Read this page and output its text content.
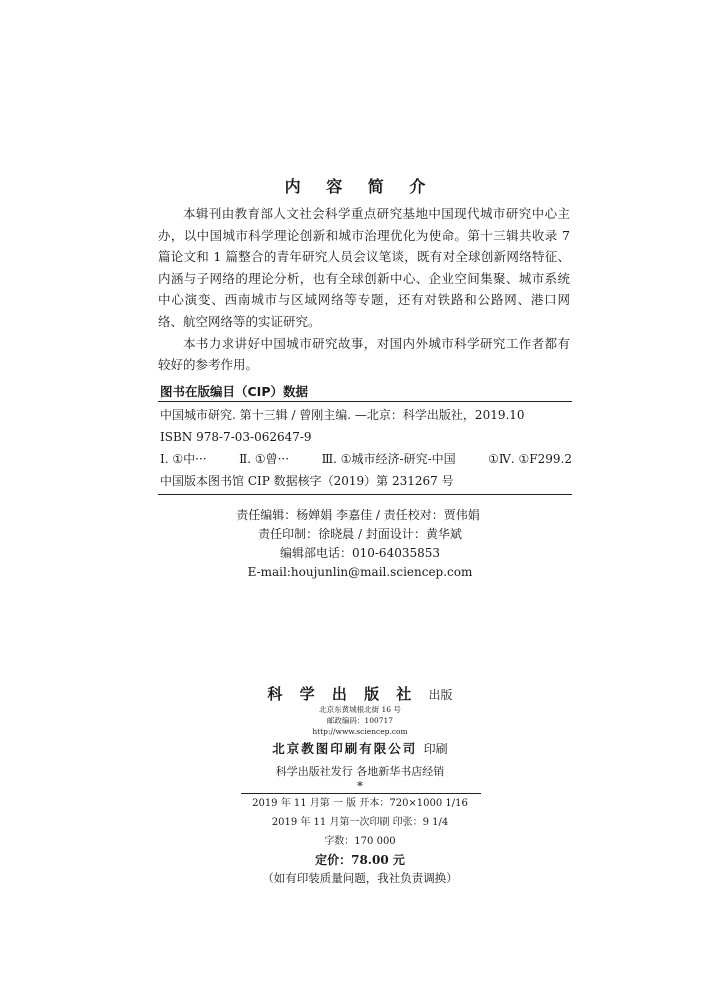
内 容 简 介

本辑刊由教育部人文社会科学重点研究基地中国现代城市研究中心主办，以中国城市科学理论创新和城市治理优化为使命。第十三辑共收录 7 篇论文和 1 篇整合的青年研究人员会议笔谈，既有对全球创新网络特征、内涵与子网络的理论分析，也有全球创新中心、企业空间集聚、城市系统中心演变、西南城市与区域网络等专题，还有对铁路和公路网、港口网络、航空网络等的实证研究。

本书力求讲好中国城市研究故事，对国内外城市科学研究工作者都有较好的参考作用。

图书在版编目（CIP）数据
中国城市研究. 第十三辑 / 曾刚主编. —北京：科学出版社，2019.10
ISBN 978-7-03-062647-9
Ⅰ. ①中···	Ⅱ. ①曾···	Ⅲ. ①城市经济-研究-中国	①Ⅳ. ①F299.2
中国版本图书馆 CIP 数据核字（2019）第 231267 号
责任编辑：杨婵娟 李嘉佳 / 责任校对：贾伟娟
责任印制：徐晓晨 / 封面设计：黄华斌
编辑部电话：010-64035853
E-mail:houjunlin@mail.sciencep.com
科 学 出 版 社 出版
北京东黄城根北街 16 号
邮政编码：100717
http://www.sciencep.com
北京教图印刷有限公司 印刷
科学出版社发行 各地新华书店经销
*
2019 年 11 月第 一 版 开本：720×1000 1/16
2019 年 11 月第一次印刷 印张：9 1/4
字数：170 000
定价：78.00 元
（如有印装质量问题，我社负责调换）
